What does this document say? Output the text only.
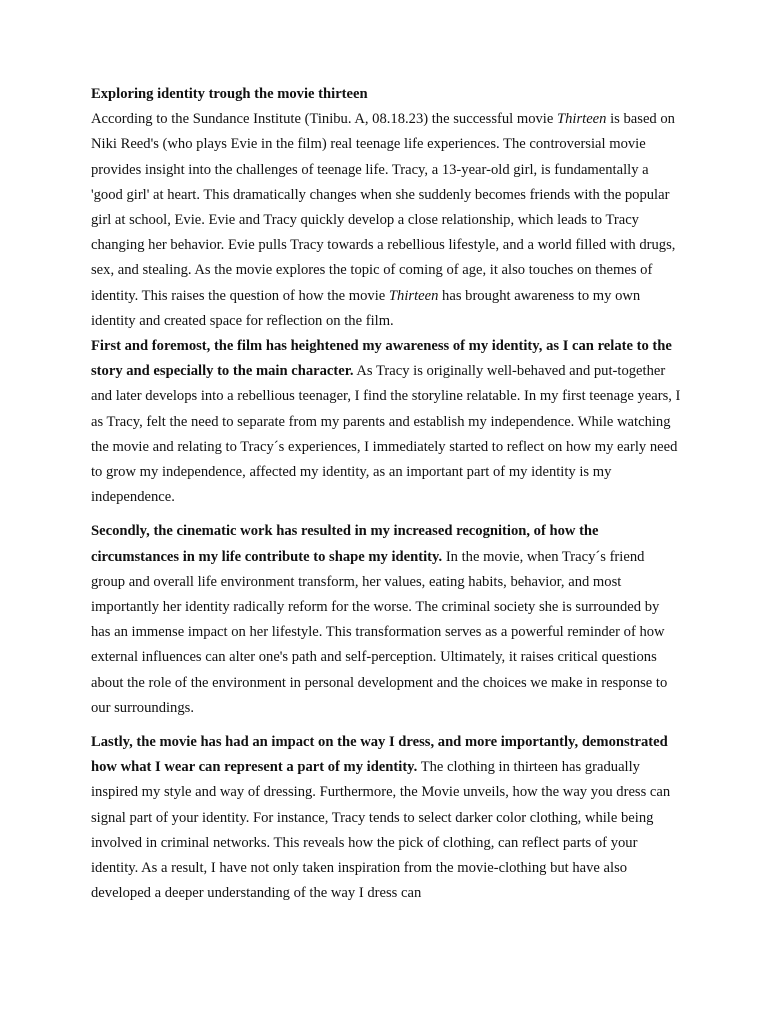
Exploring identity trough the movie thirteen

According to the Sundance Institute (Tinibu. A, 08.18.23) the successful movie Thirteen is based on Niki Reed's (who plays Evie in the film) real teenage life experiences. The controversial movie provides insight into the challenges of teenage life. Tracy, a 13-year-old girl, is fundamentally a 'good girl' at heart. This dramatically changes when she suddenly becomes friends with the popular girl at school, Evie. Evie and Tracy quickly develop a close relationship, which leads to Tracy changing her behavior. Evie pulls Tracy towards a rebellious lifestyle, and a world filled with drugs, sex, and stealing. As the movie explores the topic of coming of age, it also touches on themes of identity. This raises the question of how the movie Thirteen has brought awareness to my own identity and created space for reflection on the film.

First and foremost, the film has heightened my awareness of my identity, as I can relate to the story and especially to the main character. As Tracy is originally well-behaved and put-together and later develops into a rebellious teenager, I find the storyline relatable. In my first teenage years, I as Tracy, felt the need to separate from my parents and establish my independence. While watching the movie and relating to Tracy´s experiences, I immediately started to reflect on how my early need to grow my independence, affected my identity, as an important part of my identity is my independence.

Secondly, the cinematic work has resulted in my increased recognition, of how the circumstances in my life contribute to shape my identity. In the movie, when Tracy´s friend group and overall life environment transform, her values, eating habits, behavior, and most importantly her identity radically reform for the worse. The criminal society she is surrounded by has an immense impact on her lifestyle. This transformation serves as a powerful reminder of how external influences can alter one's path and self-perception. Ultimately, it raises critical questions about the role of the environment in personal development and the choices we make in response to our surroundings.

Lastly, the movie has had an impact on the way I dress, and more importantly, demonstrated how what I wear can represent a part of my identity. The clothing in thirteen has gradually inspired my style and way of dressing. Furthermore, the Movie unveils, how the way you dress can signal part of your identity. For instance, Tracy tends to select darker color clothing, while being involved in criminal networks. This reveals how the pick of clothing, can reflect parts of your identity. As a result, I have not only taken inspiration from the movie-clothing but have also developed a deeper understanding of the way I dress can
